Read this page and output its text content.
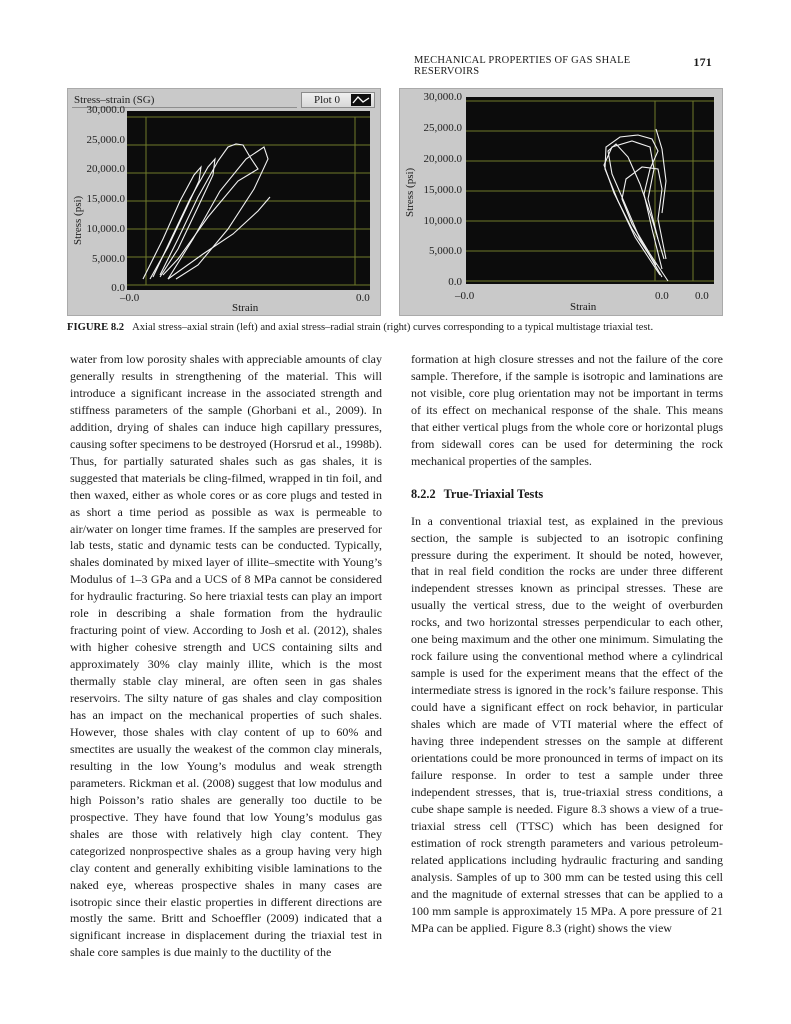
MECHANICAL PROPERTIES OF GAS SHALE RESERVOIRS
171
Stress–strain (SG)	Plot 0
30,000.0
25,000.0
20,000.0
15,000.0
10,000.0
5,000.0
0.0
–0.0	0.0
Strain
Stress (psi)
30,000.0
25,000.0
20,000.0
15,000.0
10,000.0
5,000.0
0.0
–0.0	0.0 0.0
Strain
Stress (psi)
FIGURE 8.2 Axial stress–axial strain (left) and axial stress–radial strain (right) curves corresponding to a typical multistage triaxial test.

water from low porosity shales with appreciable amounts of clay generally results in strengthening of the material. This will introduce a significant increase in the associated strength and stiffness parameters of the sample (Ghorbani et al., 2009). In addition, drying of shales can induce high capillary pressures, causing softer specimens to be destroyed (Horsrud et al., 1998b). Thus, for partially saturated shales such as gas shales, it is suggested that materials be cling-filmed, wrapped in tin foil, and then waxed, either as whole cores or as core plugs and tested in as short a time period as possible as wax is permeable to air/water on longer time frames. If the samples are preserved for lab tests, static and dynamic tests can be conducted. Typically, shales dominated by mixed layer of illite–smectite with Young’s Modulus of 1–3 GPa and a UCS of 8 MPa cannot be considered for hydraulic fracturing. So here triaxial tests can play an import role in describing a shale formation from the hydraulic fracturing point of view. According to Josh et al. (2012), shales with higher cohesive strength and UCS containing silts and approximately 30% clay mainly illite, which is the most thermally stable clay mineral, are often seen in gas shales reservoirs. The silty nature of gas shales and clay composition has an impact on the mechanical properties of such shales. However, those shales with clay content of up to 60% and smectites are usually the weakest of the common clay minerals, resulting in the low Young’s modulus and weak strength parameters. Rickman et al. (2008) suggest that low modulus and high Poisson’s ratio shales are generally too ductile to be prospective. They have found that low Young’s modulus gas shales are those with relatively high clay content. They categorized nonprospective shales as a group having very high clay content and generally exhibiting visible laminations to the naked eye, whereas prospective shales in many cases are isotropic since their elastic properties in different directions are mostly the same. Britt and Schoeffler (2009) indicated that a significant increase in displacement during the triaxial test in shale core samples is due mainly to the ductility of the

formation at high closure stresses and not the failure of the core sample. Therefore, if the sample is isotropic and laminations are not visible, core plug orientation may not be important in terms of its effect on mechanical response of the shale. This means that either vertical plugs from the whole core or horizontal plugs from sidewall cores can be used for determining the rock mechanical properties of the samples.

8.2.2 True-Triaxial Tests

In a conventional triaxial test, as explained in the previous section, the sample is subjected to an isotropic confining pressure during the experiment. It should be noted, however, that in real field condition the rocks are under three different independent stresses known as principal stresses. These are usually the vertical stress, due to the weight of overburden rocks, and two horizontal stresses perpendicular to each other, one being maximum and the other one minimum. Simulating the rock failure using the conventional method where a cylindrical sample is used for the experiment means that the effect of the intermediate stress is ignored in the rock’s failure response. This could have a significant effect on rock behavior, in particular shales which are made of VTI material where the effect of having three independent stresses on the sample at different orientations could be more pronounced in terms of impact on its failure response. In order to test a sample under three independent stresses, that is, true-triaxial stress conditions, a cube shape sample is needed. Figure 8.3 shows a view of a true-triaxial stress cell (TTSC) which has been designed for estimation of rock strength parameters and various petroleum-related applications including hydraulic fracturing and sanding analysis. Samples of up to 300 mm can be tested using this cell and the magnitude of external stresses that can be applied to a 100 mm sample is approximately 15 MPa. A pore pressure of 21 MPa can be applied. Figure 8.3 (right) shows the view
